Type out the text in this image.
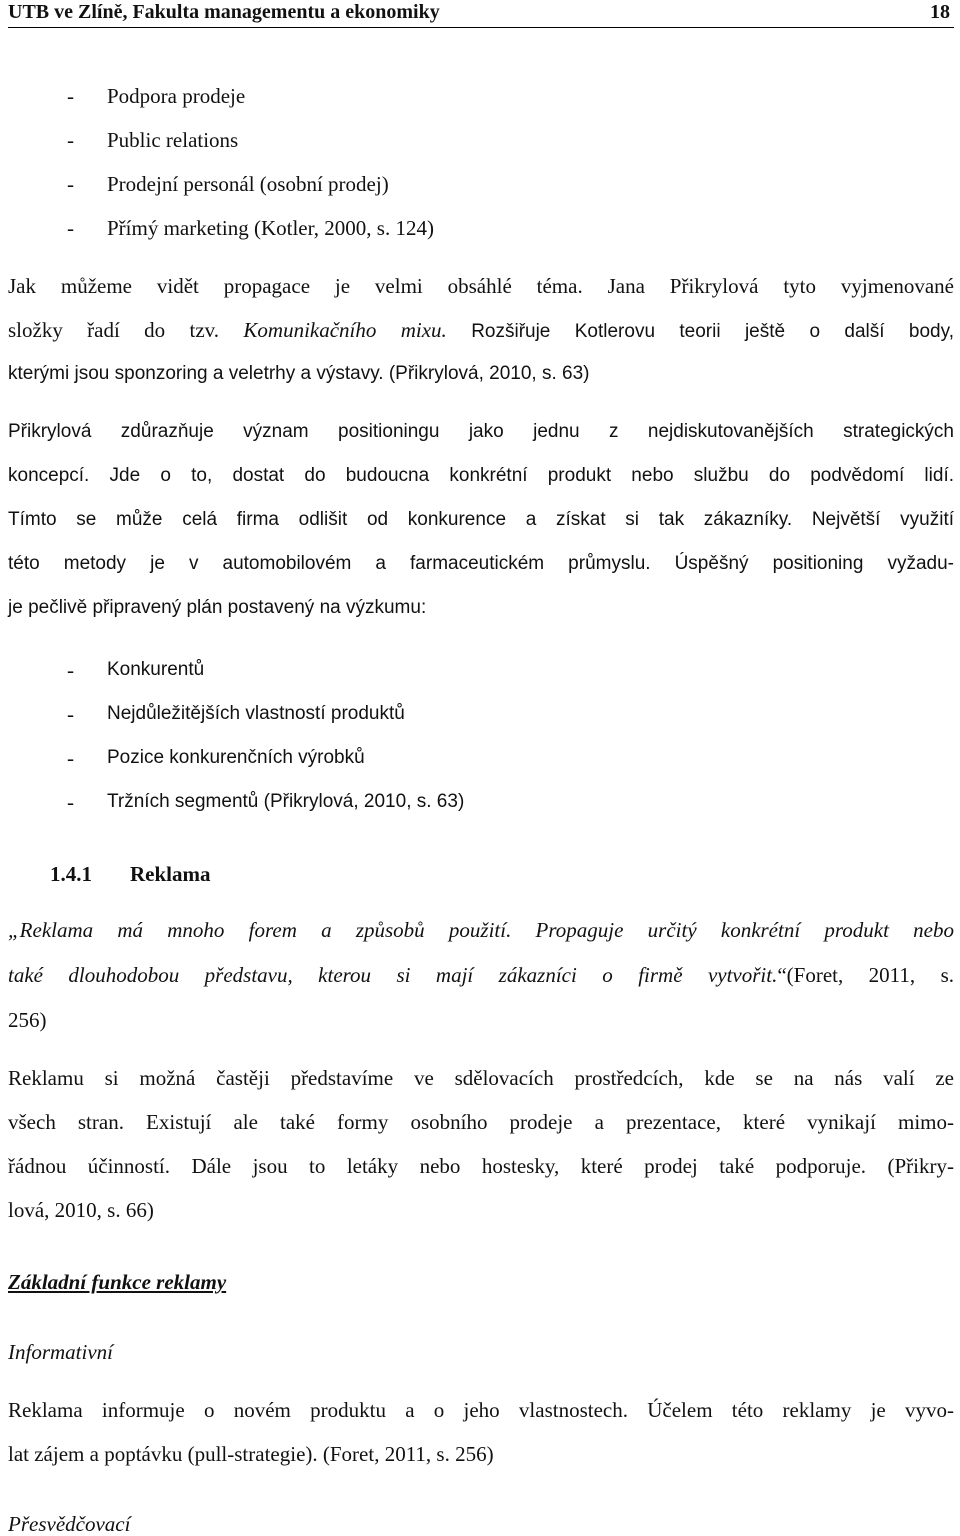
UTB ve Zlíně, Fakulta managementu a ekonomiky	18
- Podpora prodeje
- Public relations
- Prodejní personál (osobní prodej)
- Přímý marketing (Kotler, 2000, s. 124)
Jak můžeme vidět propagace je velmi obsáhlé téma. Jana Přikrylová tyto vyjmenované
složky řadí do tzv. Komunikačního mixu. Rozšiřuje Kotlerovu teorii ještě o další body,
kterými jsou sponzoring a veletrhy a výstavy. (Přikrylová, 2010, s. 63)
Přikrylová zdůrazňuje význam positioningu jako jednu z nejdiskutovanějších strategických
koncepcí. Jde o to, dostat do budoucna konkrétní produkt nebo službu do podvědomí lidí.
Tímto se může celá firma odlišit od konkurence a získat si tak zákazníky. Největší využití
této metody je v automobilovém a farmaceutickém průmyslu. Úspěšný positioning vyžadu-
je pečlivě připravený plán postavený na výzkumu:
- Konkurentů
- Nejdůležitějších vlastností produktů
- Pozice konkurenčních výrobků
- Tržních segmentů (Přikrylová, 2010, s. 63)
1.4.1 Reklama
„Reklama má mnoho forem a způsobů použití. Propaguje určitý konkrétní produkt nebo
také dlouhodobou představu, kterou si mají zákazníci o firmě vytvořit.“(Foret, 2011, s.
256)
Reklamu si možná častěji představíme ve sdělovacích prostředcích, kde se na nás valí ze
všech stran. Existují ale také formy osobního prodeje a prezentace, které vynikají mimo-
řádnou účinností. Dále jsou to letáky nebo hostesky, které prodej také podporuje. (Přikry-
lová, 2010, s. 66)
Základní funkce reklamy
Informativní
Reklama informuje o novém produktu a o jeho vlastnostech. Účelem této reklamy je vyvo-
lat zájem a poptávku (pull-strategie). (Foret, 2011, s. 256)
Přesvědčovací
